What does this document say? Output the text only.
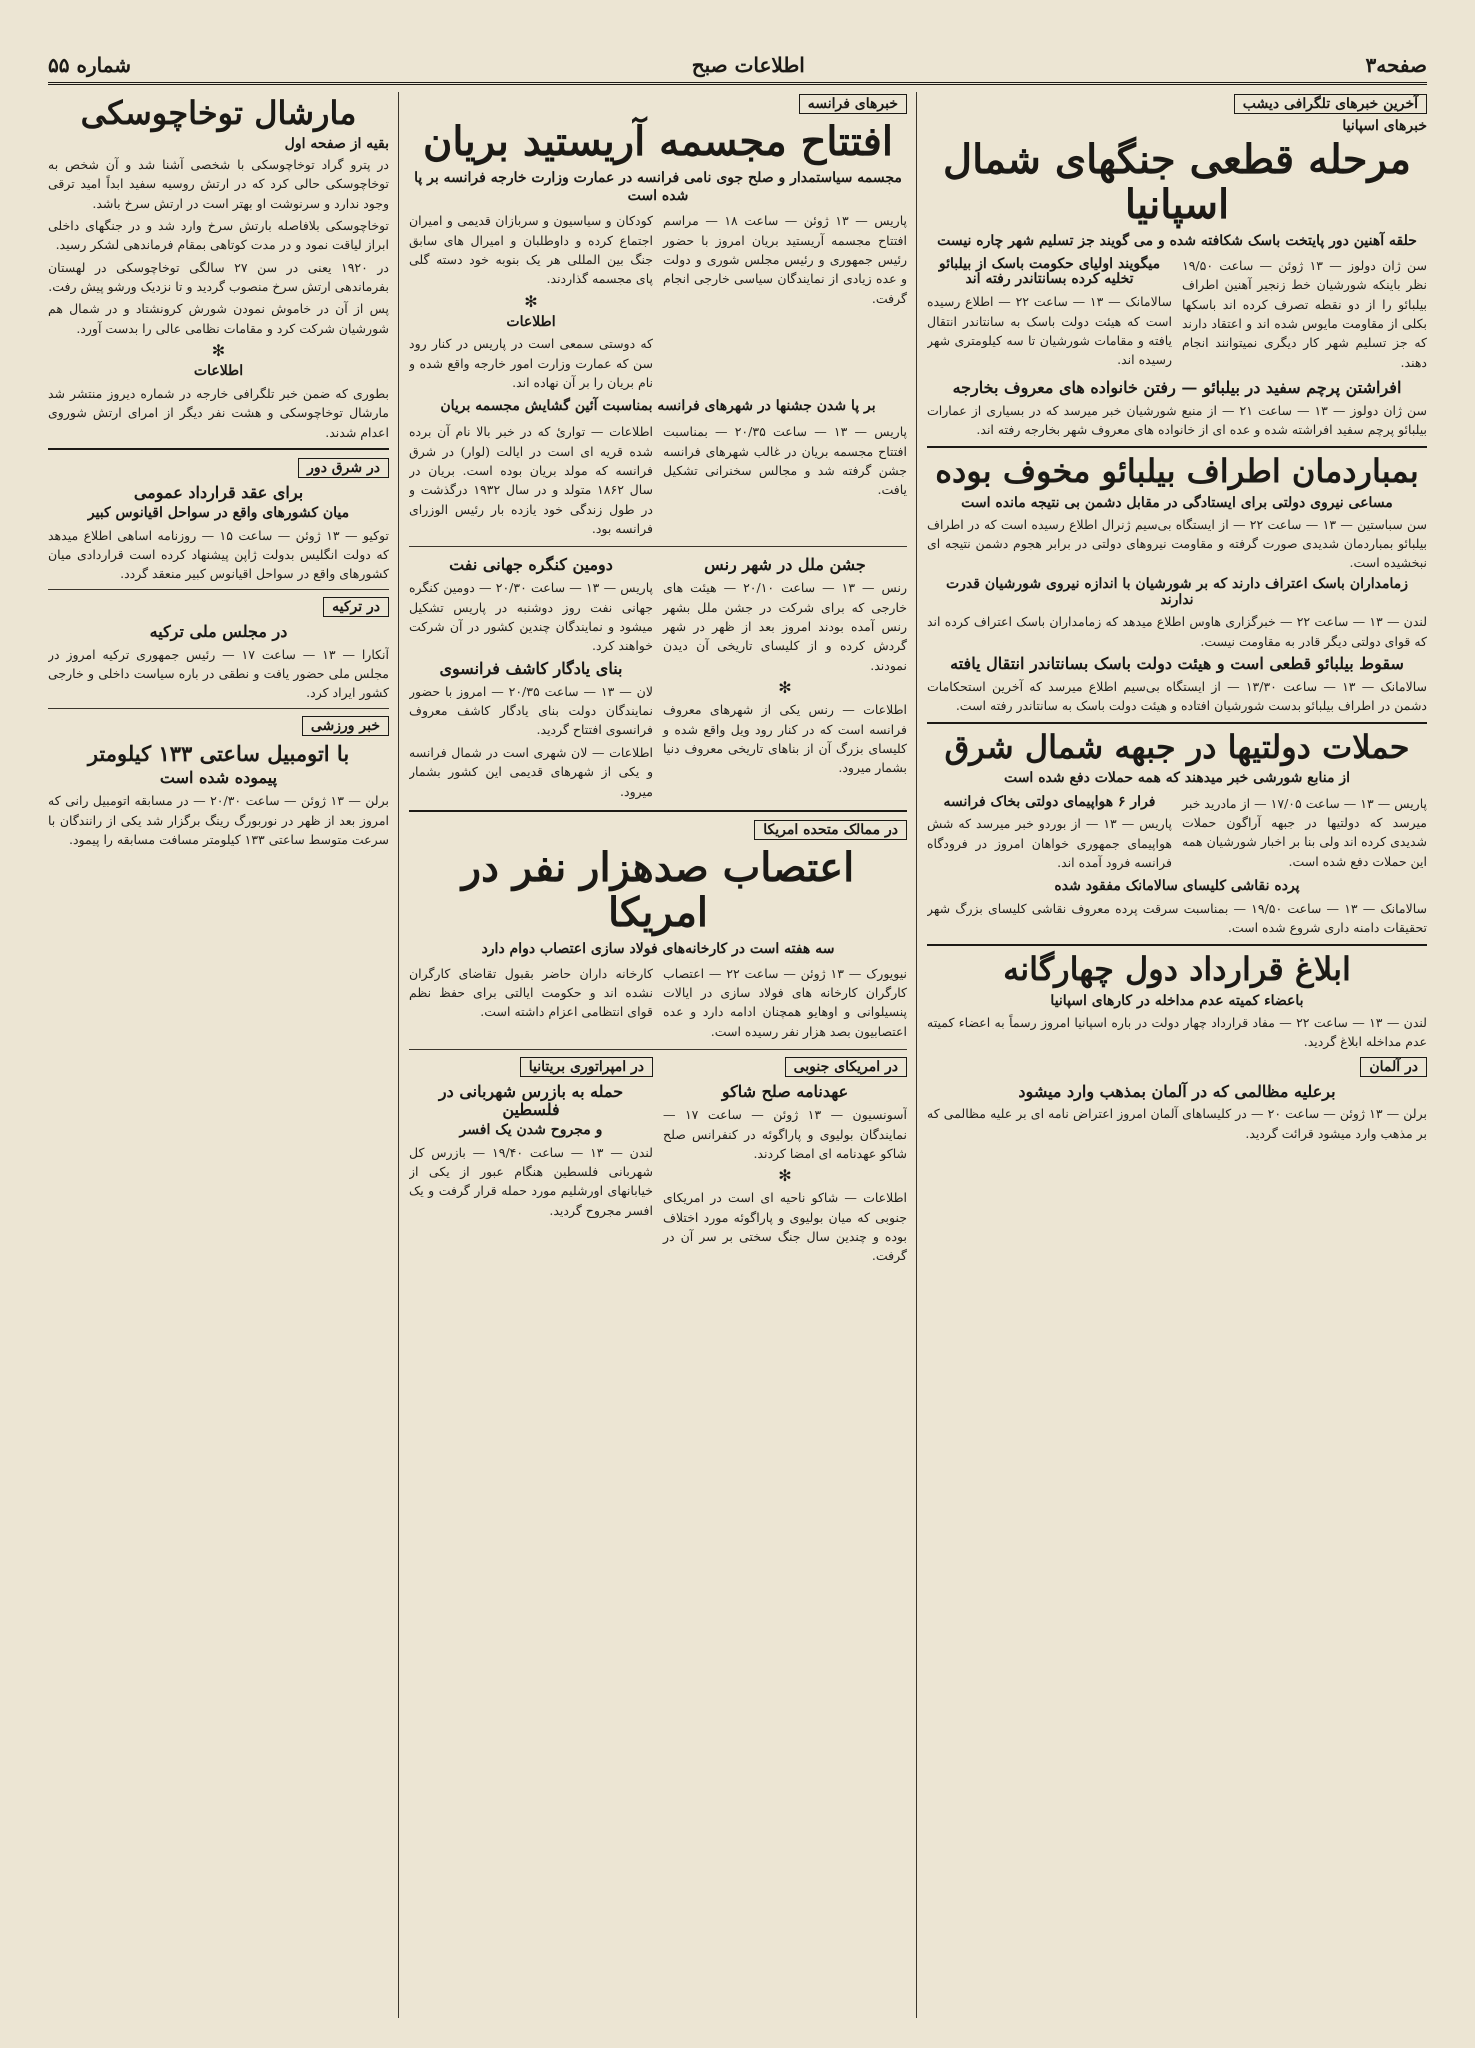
صفحه۳
اطلاعات صبح
شماره ۵۵
آخرین خبرهای تلگرافی دیشب
خبرهای اسپانیا
مرحله قطعی جنگهای شمال اسپانیا
حلقه آهنین دور پایتخت باسک شکافته شده و می گویند جز تسلیم شهر چاره نیست
سن ژان دولوز — ۱۳ ژوئن — ساعت ۱۹/۵۰ نظر باینکه شورشیان خط زنجیر آهنین اطراف بیلبائو را از دو نقطه تصرف کرده اند باسکها بکلی از مقاومت مایوس شده اند و اعتقاد دارند که جز تسلیم شهر کار دیگری نمیتوانند انجام دهند.
میگویند اولیای حکومت باسک از بیلبائو تخلیه کرده بسانتاندر رفته اند
سالامانک — ۱۳ — ساعت ۲۲ — اطلاع رسیده است که هیئت دولت باسک به سانتاندر انتقال یافته و مقامات شورشیان تا سه کیلومتری شهر رسیده اند.
افراشتن پرچم سفید در بیلبائو — رفتن خانواده های معروف بخارجه
سن ژان دولوز — ۱۳ — ساعت ۲۱ — از منبع شورشیان خبر میرسد که در بسیاری از عمارات بیلبائو پرچم سفید افراشته شده و عده ای از خانواده های معروف شهر بخارجه رفته اند.
بمباردمان اطراف بیلبائو مخوف بوده
مساعی نیروی دولتی برای ایستادگی در مقابل دشمن بی نتیجه مانده است
سن سباستین — ۱۳ — ساعت ۲۲ — از ایستگاه بی‌سیم ژنرال اطلاع رسیده است که در اطراف بیلبائو بمباردمان شدیدی صورت گرفته و مقاومت نیروهای دولتی در برابر هجوم دشمن نتیجه ای نبخشیده است.
زمامداران باسک اعتراف دارند که بر شورشیان با اندازه نیروی شورشیان قدرت ندارند
لندن — ۱۳ — ساعت ۲۲ — خبرگزاری هاوس اطلاع میدهد که زمامداران باسک اعتراف کرده اند که قوای دولتی دیگر قادر به مقاومت نیست.
سقوط بیلبائو قطعی است و هیئت دولت باسک بسانتاندر انتقال یافته
سالامانک — ۱۳ — ساعت ۱۳/۳۰ — از ایستگاه بی‌سیم اطلاع میرسد که آخرین استحکامات دشمن در اطراف بیلبائو بدست شورشیان افتاده و هیئت دولت باسک به سانتاندر رفته است.
حملات دولتیها در جبهه شمال شرق
از منابع شورشی خبر میدهند که همه حملات دفع شده است
پاریس — ۱۳ — ساعت ۱۷/۰۵ — از مادرید خبر میرسد که دولتیها در جبهه آراگون حملات شدیدی کرده اند ولی بنا بر اخبار شورشیان همه این حملات دفع شده است.
فرار ۶ هواپیمای دولتی بخاک فرانسه
پاریس — ۱۳ — از بوردو خبر میرسد که شش هواپیمای جمهوری خواهان امروز در فرودگاه فرانسه فرود آمده اند.
پرده نقاشی کلیسای سالامانک مفقود شده
سالامانک — ۱۳ — ساعت ۱۹/۵۰ — بمناسبت سرقت پرده معروف نقاشی کلیسای بزرگ شهر تحقیقات دامنه داری شروع شده است.
ابلاغ قرارداد دول چهارگانه
باعضاء کمیته عدم مداخله در کارهای اسپانیا
لندن — ۱۳ — ساعت ۲۲ — مفاد قرارداد چهار دولت در باره اسپانیا امروز رسماً به اعضاء کمیته عدم مداخله ابلاغ گردید.
در آلمان
برعلیه مظالمی که در آلمان بمذهب وارد میشود
برلن — ۱۳ ژوئن — ساعت ۲۰ — در کلیساهای آلمان امروز اعتراض نامه ای بر علیه مظالمی که بر مذهب وارد میشود قرائت گردید.
خبرهای فرانسه
افتتاح مجسمه آریستید بریان
مجسمه سیاستمدار و صلح جوی نامی فرانسه در عمارت وزارت خارجه فرانسه بر پا شده است
پاریس — ۱۳ ژوئن — ساعت ۱۸ — مراسم افتتاح مجسمه آریستید بریان امروز با حضور رئیس جمهوری و رئیس مجلس شوری و دولت و عده زیادی از نمایندگان سیاسی خارجی انجام گرفت.
کودکان و سیاسیون و سربازان قدیمی و امیران اجتماع کرده و داوطلبان و امیرال های سابق جنگ بین المللی هر یک بنوبه خود دسته گلی پای مجسمه گذاردند.
✻
اطلاعات
که دوستی سمعی است در پاریس در کنار رود سن که عمارت وزارت امور خارجه واقع شده و نام بریان را بر آن نهاده اند.
بر پا شدن جشنها در شهرهای فرانسه بمناسبت آئین گشایش مجسمه بریان
پاریس — ۱۳ — ساعت ۲۰/۳۵ — بمناسبت افتتاح مجسمه بریان در غالب شهرهای فرانسه جشن گرفته شد و مجالس سخنرانی تشکیل یافت.
اطلاعات — توارئ که در خبر بالا نام آن برده شده قریه ای است در ایالت (لوار) در شرق فرانسه که مولد بریان بوده است. بریان در سال ۱۸۶۲ متولد و در سال ۱۹۳۲ درگذشت و در طول زندگی خود یازده بار رئیس الوزرای فرانسه بود.
جشن ملل در شهر رنس
رنس — ۱۳ — ساعت ۲۰/۱۰ — هیئت های خارجی که برای شرکت در جشن ملل بشهر رنس آمده بودند امروز بعد از ظهر در شهر گردش کرده و از کلیسای تاریخی آن دیدن نمودند.
✻
اطلاعات — رنس یکی از شهرهای معروف فرانسه است که در کنار رود ویل واقع شده و کلیسای بزرگ آن از بناهای تاریخی معروف دنیا بشمار میرود.
دومین کنگره جهانی نفت
پاریس — ۱۳ — ساعت ۲۰/۳۰ — دومین کنگره جهانی نفت روز دوشنبه در پاریس تشکیل میشود و نمایندگان چندین کشور در آن شرکت خواهند کرد.
بنای یادگار کاشف فرانسوی
لان — ۱۳ — ساعت ۲۰/۳۵ — امروز با حضور نمایندگان دولت بنای یادگار کاشف معروف فرانسوی افتتاح گردید.
اطلاعات — لان شهری است در شمال فرانسه و یکی از شهرهای قدیمی این کشور بشمار میرود.
در ممالک متحده امریکا
اعتصاب صدهزار نفر در امریکا
سه هفته است در کارخانه‌های فولاد سازی اعتصاب دوام دارد
نیویورک — ۱۳ ژوئن — ساعت ۲۲ — اعتصاب کارگران کارخانه های فولاد سازی در ایالات پنسیلوانی و اوهایو همچنان ادامه دارد و عده اعتصابیون بصد هزار نفر رسیده است.
کارخانه داران حاضر بقبول تقاضای کارگران نشده اند و حکومت ایالتی برای حفظ نظم قوای انتظامی اعزام داشته است.
در امریکای جنوبی
عهدنامه صلح شاکو
آسونسیون — ۱۳ ژوئن — ساعت ۱۷ — نمایندگان بولیوی و پاراگوئه در کنفرانس صلح شاکو عهدنامه ای امضا کردند.
✻
اطلاعات — شاکو ناحیه ای است در امریکای جنوبی که میان بولیوی و پاراگوئه مورد اختلاف بوده و چندین سال جنگ سختی بر سر آن در گرفت.
در امپراتوری بریتانیا
حمله به بازرس شهربانی در فلسطین
و مجروح شدن یک افسر
لندن — ۱۳ — ساعت ۱۹/۴۰ — بازرس کل شهربانی فلسطین هنگام عبور از یکی از خیابانهای اورشلیم مورد حمله قرار گرفت و یک افسر مجروح گردید.
مارشال توخاچوسکی
بقیه از صفحه اول
در پترو گراد توخاچوسکی با شخصی آشنا شد و آن شخص به توخاچوسکی حالی کرد که در ارتش روسیه سفید ابداً امید ترقی وجود ندارد و سرنوشت او بهتر است در ارتش سرخ باشد.
توخاچوسکی بلافاصله بارتش سرخ وارد شد و در جنگهای داخلی ابراز لیاقت نمود و در مدت کوتاهی بمقام فرماندهی لشکر رسید.
در ۱۹۲۰ یعنی در سن ۲۷ سالگی توخاچوسکی در لهستان بفرماندهی ارتش سرخ منصوب گردید و تا نزدیک ورشو پیش رفت.
پس از آن در خاموش نمودن شورش کرونشتاد و در شمال هم شورشیان شرکت کرد و مقامات نظامی عالی را بدست آورد.
✻
اطلاعات
بطوری که ضمن خبر تلگرافی خارجه در شماره دیروز منتشر شد مارشال توخاچوسکی و هشت نفر دیگر از امرای ارتش شوروی اعدام شدند.
در شرق دور
برای عقد قرارداد عمومی
میان کشورهای واقع در سواحل اقیانوس کبیر
توکیو — ۱۳ ژوئن — ساعت ۱۵ — روزنامه اساهی اطلاع میدهد که دولت انگلیس بدولت ژاپن پیشنهاد کرده است قراردادی میان کشورهای واقع در سواحل اقیانوس کبیر منعقد گردد.
در ترکیه
در مجلس ملی ترکیه
آنکارا — ۱۳ — ساعت ۱۷ — رئیس جمهوری ترکیه امروز در مجلس ملی حضور یافت و نطقی در باره سیاست داخلی و خارجی کشور ایراد کرد.
خبر ورزشی
با اتومبیل ساعتی ۱۳۳ کیلومتر
پیموده شده است
برلن — ۱۳ ژوئن — ساعت ۲۰/۳۰ — در مسابقه اتومبیل رانی که امروز بعد از ظهر در نوربورگ رینگ برگزار شد یکی از رانندگان با سرعت متوسط ساعتی ۱۳۳ کیلومتر مسافت مسابقه را پیمود.
